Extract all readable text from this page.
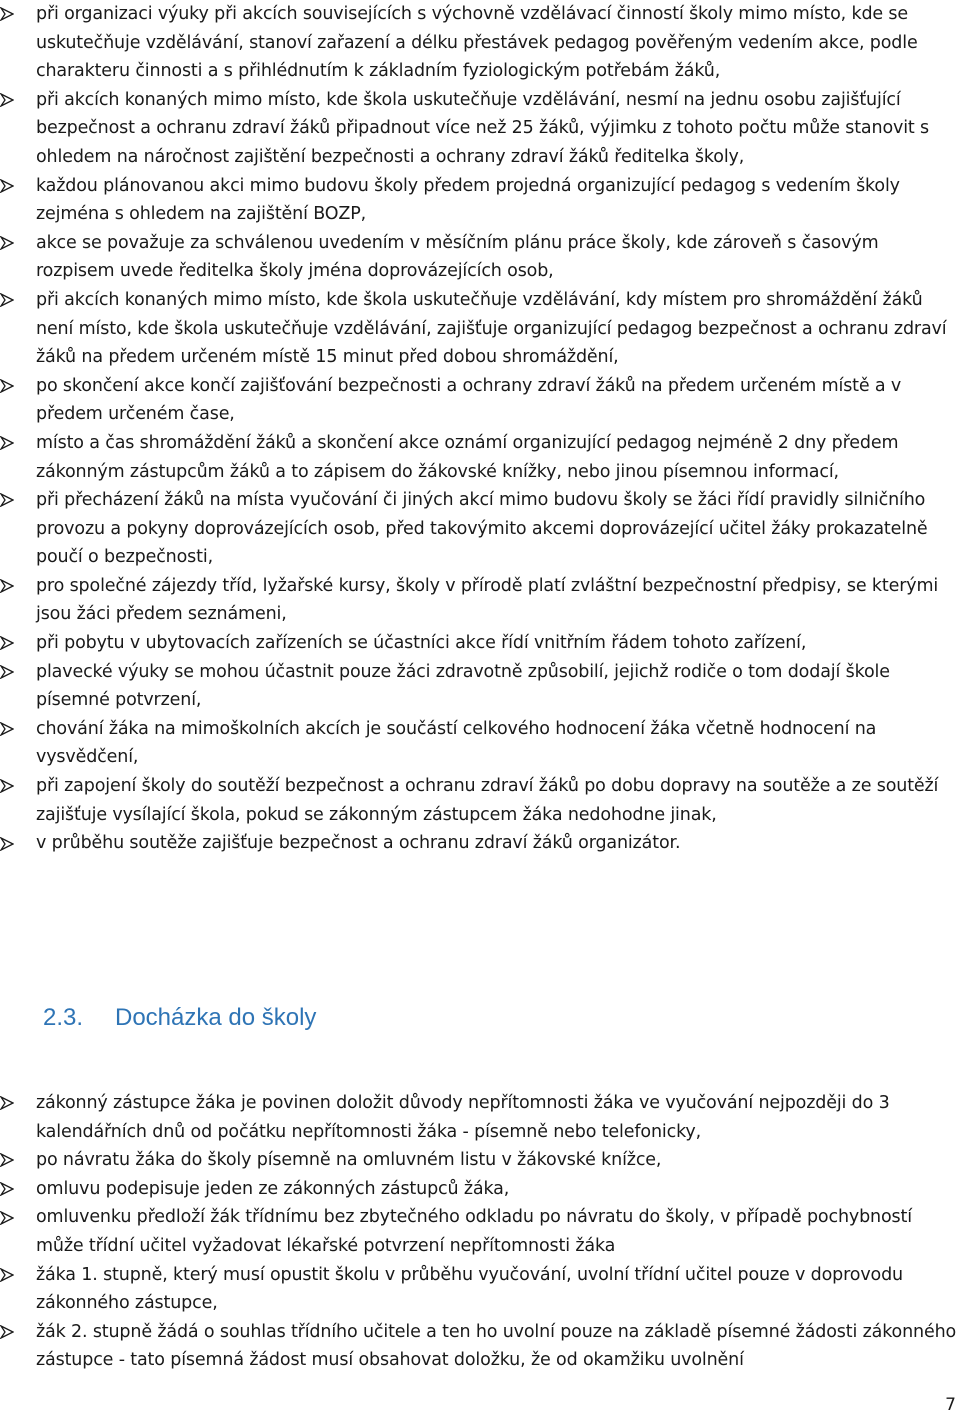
při organizaci výuky při akcích souvisejících s výchovně vzdělávací činností školy mimo místo, kde se uskutečňuje vzdělávání, stanoví zařazení a délku přestávek pedagog pověřeným vedením akce, podle charakteru činnosti a s přihlédnutím k základním fyziologickým potřebám žáků,
při akcích konaných mimo místo, kde škola uskutečňuje vzdělávání, nesmí na jednu osobu zajišťující bezpečnost a ochranu zdraví žáků připadnout více než 25 žáků, výjimku z tohoto počtu může stanovit s ohledem na náročnost zajištění bezpečnosti a ochrany zdraví žáků ředitelka školy,
každou plánovanou akci mimo budovu školy předem projedná organizující pedagog s vedením školy zejména s ohledem na zajištění BOZP,
akce se považuje za schválenou uvedením v měsíčním plánu práce školy, kde zároveň s časovým rozpisem uvede ředitelka školy jména doprovázejících osob,
při akcích konaných mimo místo, kde škola uskutečňuje vzdělávání, kdy místem pro shromáždění žáků není místo, kde škola uskutečňuje vzdělávání, zajišťuje organizující pedagog bezpečnost a ochranu zdraví žáků na předem určeném místě 15 minut před dobou shromáždění,
po skončení akce končí zajišťování bezpečnosti a ochrany zdraví žáků na předem určeném místě a v předem určeném čase,
místo a čas shromáždění žáků a skončení akce oznámí organizující pedagog nejméně 2 dny předem zákonným zástupcům žáků a to zápisem do žákovské knížky, nebo jinou písemnou informací,
při přecházení žáků na místa vyučování či jiných akcí mimo budovu školy se žáci řídí pravidly silničního provozu a pokyny doprovázejících osob, před takovýmito akcemi doprovázející učitel žáky prokazatelně poučí o bezpečnosti,
pro společné zájezdy tříd, lyžařské kursy, školy v přírodě platí zvláštní bezpečnostní předpisy, se kterými jsou žáci předem seznámeni,
při pobytu v ubytovacích zařízeních se účastníci akce řídí vnitřním řádem tohoto zařízení,
plavecké výuky se mohou účastnit pouze žáci zdravotně způsobilí, jejichž rodiče o tom dodají škole písemné potvrzení,
chování žáka na mimoškolních akcích je součástí celkového hodnocení žáka včetně hodnocení na vysvědčení,
při zapojení školy do soutěží bezpečnost a ochranu zdraví žáků po dobu dopravy na soutěže a ze soutěží zajišťuje vysílající škola, pokud se zákonným zástupcem žáka nedohodne jinak,
v průběhu soutěže zajišťuje bezpečnost a ochranu zdraví žáků organizátor.
2.3. Docházka do školy
zákonný zástupce žáka je povinen doložit důvody nepřítomnosti žáka ve vyučování nejpozději do 3 kalendářních dnů od počátku nepřítomnosti žáka - písemně nebo telefonicky,
po návratu žáka do školy písemně na omluvném listu v žákovské knížce,
omluvu podepisuje jeden ze zákonných zástupců žáka,
omluvenku předloží žák třídnímu bez zbytečného odkladu po návratu do školy, v případě pochybností může třídní učitel vyžadovat lékařské potvrzení nepřítomnosti žáka
žáka 1. stupně, který musí opustit školu v průběhu vyučování, uvolní třídní učitel pouze v doprovodu zákonného zástupce,
žák 2. stupně žádá o souhlas třídního učitele a ten ho uvolní pouze na základě písemné žádosti zákonného zástupce - tato písemná žádost musí obsahovat doložku, že od okamžiku uvolnění
7
